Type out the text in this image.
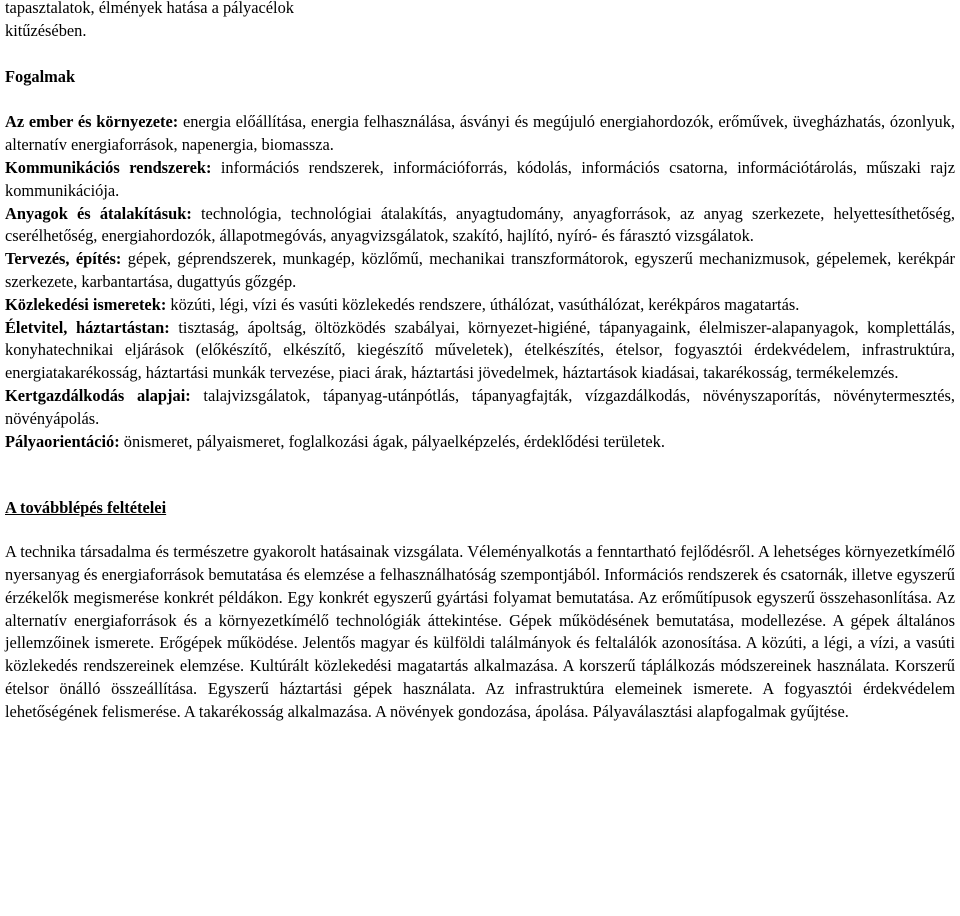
tapasztalatok, élmények hatása a pályacélok

kitűzésében.

Fogalmak

Az ember és környezete: energia előállítása, energia felhasználása, ásványi és megújuló energiahordozók, erőművek, üvegházhatás, ózonlyuk, alternatív energiaforrások, napenergia, biomassza.

Kommunikációs rendszerek: információs rendszerek, információforrás, kódolás, információs csatorna, információtárolás, műszaki rajz kommunikációja.

Anyagok és átalakításuk: technológia, technológiai átalakítás, anyagtudomány, anyagforrások, az anyag szerkezete, helyettesíthetőség, cserélhetőség, energiahordozók, állapotmegóvás, anyagvizsgálatok, szakító, hajlító, nyíró- és fárasztó vizsgálatok.

Tervezés, építés: gépek, géprendszerek, munkagép, közlőmű, mechanikai transzformátorok, egyszerű mechanizmusok, gépelemek, kerékpár szerkezete, karbantartása, dugattyús gőzgép.

Közlekedési ismeretek: közúti, légi, vízi és vasúti közlekedés rendszere, úthálózat, vasúthálózat, kerékpáros magatartás.

Életvitel, háztartástan: tisztaság, ápoltság, öltözködés szabályai, környezet-higiéné, tápanyagaink, élelmiszer-alapanyagok, komplettálás, konyhatechnikai eljárások (előkészítő, elkészítő, kiegészítő műveletek), ételkészítés, ételsor, fogyasztói érdekvédelem, infrastruktúra, energiatakarékosság, háztartási munkák tervezése, piaci árak, háztartási jövedelmek, háztartások kiadásai, takarékosság, termékelemzés.

Kertgazdálkodás alapjai: talajvizsgálatok, tápanyag-utánpótlás, tápanyagfajták, vízgazdálkodás, növényszaporítás, növénytermesztés, növényápolás.

Pályaorientáció: önismeret, pályaismeret, foglalkozási ágak, pályaelképzelés, érdeklődési területek.

A továbblépés feltételei

A technika társadalma és természetre gyakorolt hatásainak vizsgálata. Véleményalkotás a fenntartható fejlődésről. A lehetséges környezetkímélő nyersanyag és energiaforrások bemutatása és elemzése a felhasználhatóság szempontjából. Információs rendszerek és csatornák, illetve egyszerű érzékelők megismerése konkrét példákon. Egy konkrét egyszerű gyártási folyamat bemutatása. Az erőműtípusok egyszerű összehasonlítása. Az alternatív energiaforrások és a környezetkímélő technológiák áttekintése. Gépek működésének bemutatása, modellezése. A gépek általános jellemzőinek ismerete. Erőgépek működése. Jelentős magyar és külföldi találmányok és feltalálók azonosítása. A közúti, a légi, a vízi, a vasúti közlekedés rendszereinek elemzése. Kultúrált közlekedési magatartás alkalmazása. A korszerű táplálkozás módszereinek használata. Korszerű ételsor önálló összeállítása. Egyszerű háztartási gépek használata. Az infrastruktúra elemeinek ismerete. A fogyasztói érdekvédelem lehetőségének felismerése. A takarékosság alkalmazása. A növények gondozása, ápolása. Pályaválasztási alapfogalmak gyűjtése.
